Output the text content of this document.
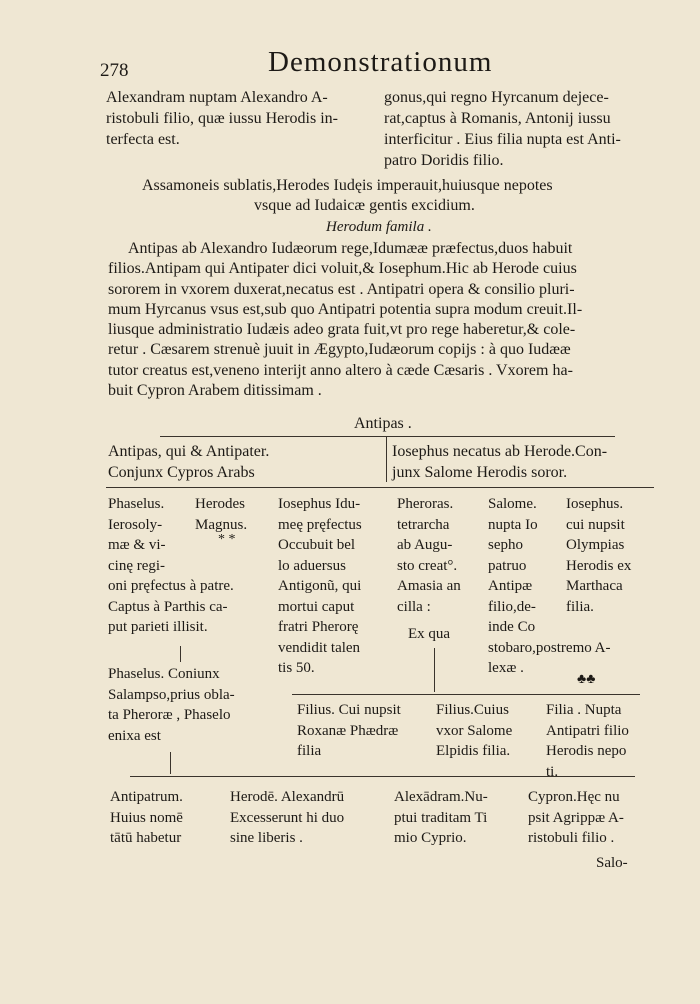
278	Demonstrationum
Alexandram nuptam Alexandro A-
ristobuli filio, quæ iussu Herodis in-
terfecta est.
gonus,qui regno Hyrcanum dejece-
rat,captus à Romanis, Antonij iussu
interficitur . Eius filia nupta est Anti-
patro Doridis filio.
Assamoneis sublatis,Herodes Iudęis imperauit,huiusque nepotes
vsque ad Iudaicæ gentis excidium.
Herodum famila .
Antipas ab Alexandro Iudæorum rege,Idumææ præfectus,duos habuit
filios.Antipam qui Antipater dici voluit,& Iosephum.Hic ab Herode cuius
sororem in vxorem duxerat,necatus est . Antipatri opera & consilio pluri-
mum Hyrcanus vsus est,sub quo Antipatri potentia supra modum creuit.Il-
liusque administratio Iudæis adeo grata fuit,vt pro rege haberetur,& cole-
retur . Cæsarem strenuè juuit in Ægypto,Iudæorum copijs : à quo Iudææ
tutor creatus est,veneno interijt anno altero à cæde Cæsaris . Vxorem ha-
buit Cypron Arabem ditissimam .
Antipas .
Antipas, qui & Antipater.
Conjunx Cypros Arabs
Iosephus necatus ab Herode.Con-
junx Salome Herodis soror.
Phaselus.
Ierosoly-
mæ & vi-
cinę regi-
oni pręfectus à patre.
Captus à Parthis ca-
put parieti illisit.
Herodes
Magnus.
* *
Iosephus Idu-
meę pręfectus
Occubuit bel
lo aduersus
Antigonũ, qui
mortui caput
fratri Pherorę
vendidit talen
tis 50.
Pheroras.
tetrarcha
ab Augu-
sto creat°.
Amasia an
cilla :
Ex qua
Salome.
nupta Io
sepho
patruo
Antipæ
filio,de-
inde Co
stobaro,postremo A-
lexæ .
♣♣
Iosephus.
cui nupsit
Olympias
Herodis ex
Marthaca
filia.
Phaselus. Coniunx
Salampso,prius obla-
ta Pheroræ , Phaselo
enixa est
Filius. Cui nupsit
Roxanæ Phædræ
filia
Filius.Cuius
vxor Salome
Elpidis filia.
Filia . Nupta
Antipatri filio
Herodis nepo
ti.
Antipatrum.
Huius nomē
tātū habetur
Herodē. Alexandrū
Excesserunt hi duo
sine liberis .
Alexādram.Nu-
ptui traditam Ti
mio Cyprio.
Cypron.Hęc nu
psit Agrippæ A-
ristobuli filio .
Salo-
